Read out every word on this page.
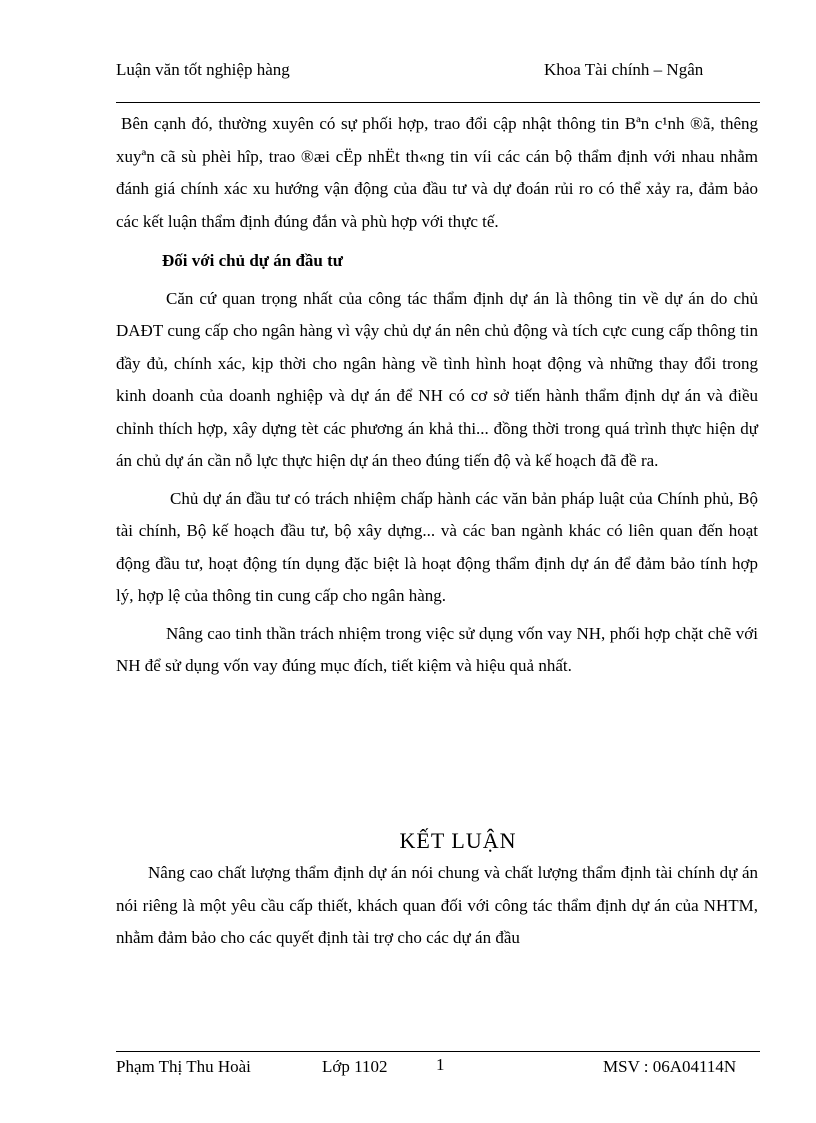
Luận văn tốt nghiệp hàng	Khoa Tài chính – Ngân

Bên cạnh đó, thường xuyên có sự phối hợp, trao đổi cập nhật thông tin Bªn c¹nh ®ã, thêng xuyªn cã sù phèi hîp, trao ®æi cËp nhËt th«ng tin víi các cán bộ thẩm định với nhau nhằm đánh giá chính xác xu hướng vận động của đầu tư và dự đoán rủi ro có thể xảy ra, đảm bảo các kết luận thẩm định đúng đắn và phù hợp với thực tế.

Đối với chủ dự án đầu tư

Căn cứ quan trọng nhất của công tác thẩm định dự án là thông tin về dự án do chủ DAĐT cung cấp cho ngân hàng vì vậy chủ dự án nên chủ động và tích cực cung cấp thông tin đầy đủ, chính xác, kịp thời cho ngân hàng về tình hình hoạt động và những thay đổi trong kinh doanh của doanh nghiệp và dự án để NH có cơ sở tiến hành thẩm định dự án và điều chỉnh thích hợp, xây dựng tèt các phương án khả thi... đồng thời trong quá trình thực hiện dự án chủ dự án cần nỗ lực thực hiện dự án theo đúng tiến độ và kế hoạch đã đề ra.

Chủ dự án đầu tư có trách nhiệm chấp hành các văn bản pháp luật của Chính phủ, Bộ tài chính, Bộ kế hoạch đầu tư, bộ xây dựng... và các ban ngành khác có liên quan đến hoạt động đầu tư, hoạt động tín dụng đặc biệt là hoạt động thẩm định dự án để đảm bảo tính hợp lý, hợp lệ của thông tin cung cấp cho ngân hàng.

Nâng cao tinh thần trách nhiệm trong việc sử dụng vốn vay NH, phối hợp chặt chẽ với NH để sử dụng vốn vay đúng mục đích, tiết kiệm và hiệu quả nhất.

KẾT LUẬN

Nâng cao chất lượng thẩm định dự án nói chung và chất lượng thẩm định tài chính dự án nói riêng là một yêu cầu cấp thiết, khách quan đối với công tác thẩm định dự án của NHTM, nhằm đảm bảo cho các quyết định tài trợ cho các dự án đầu

Phạm Thị Thu Hoài	Lớp 1102	1	MSV : 06A04114N
